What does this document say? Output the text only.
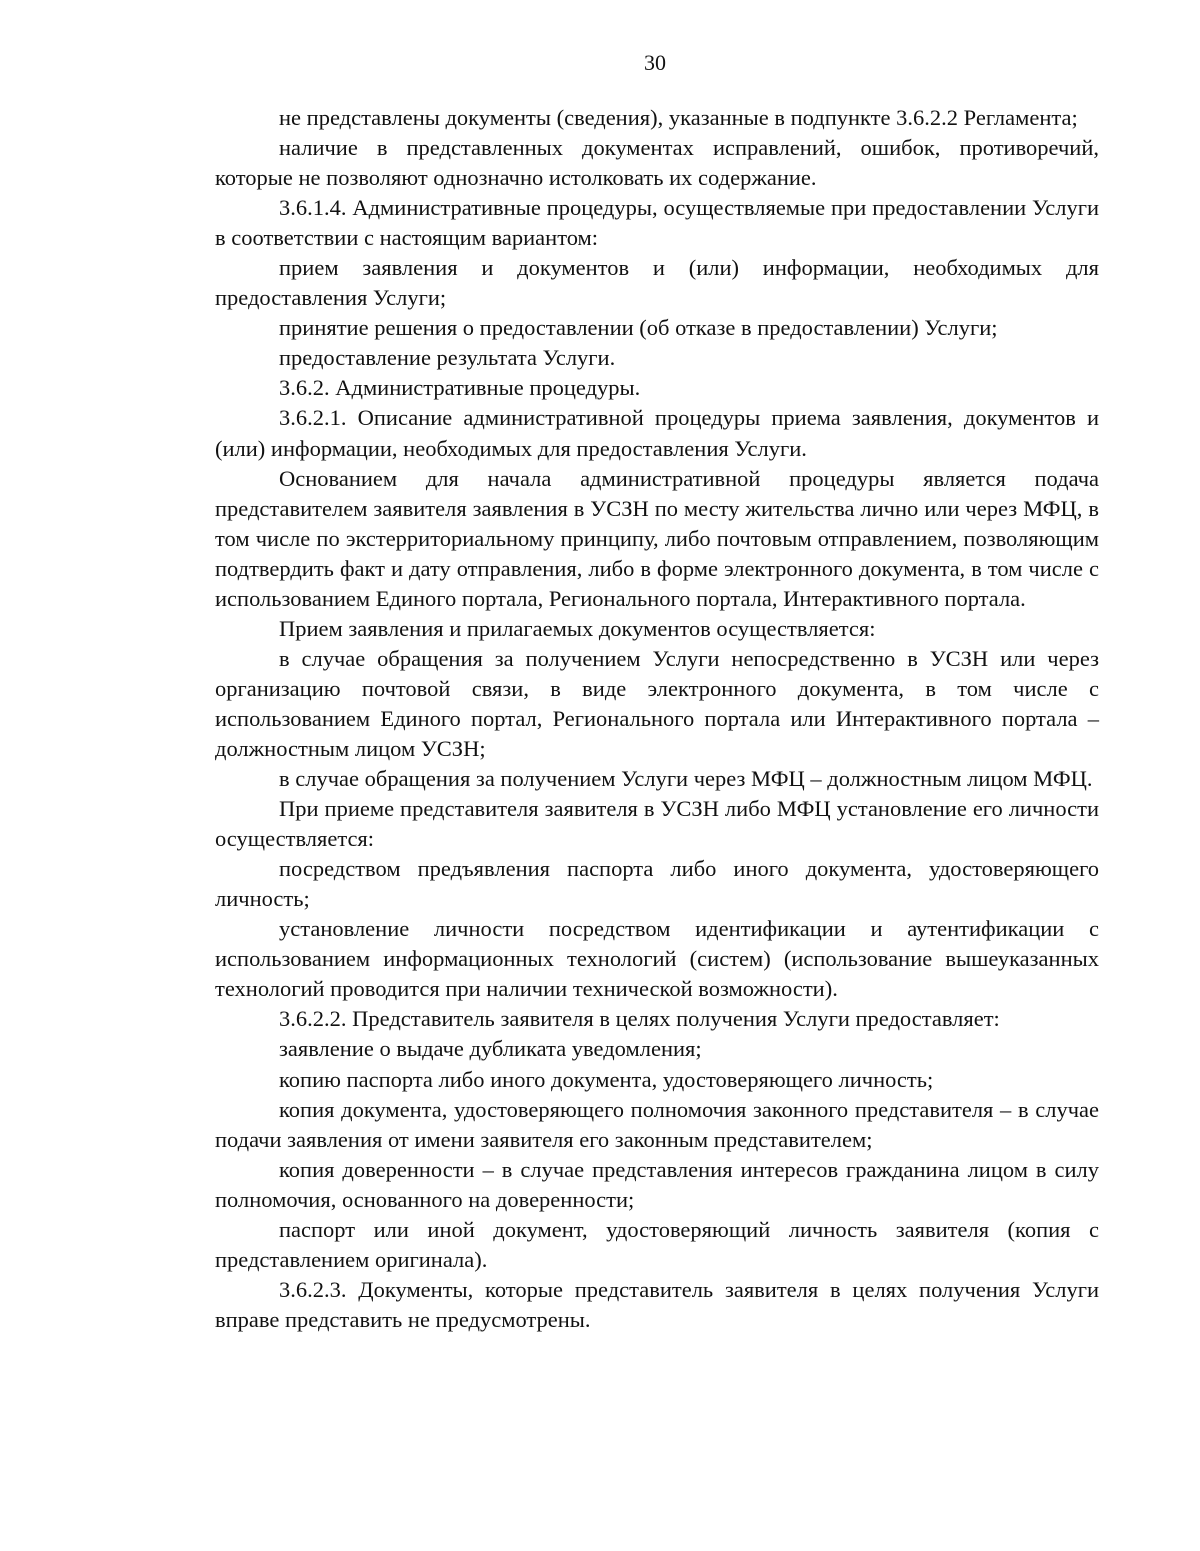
30

не представлены документы (сведения), указанные в подпункте 3.6.2.2 Регламента;

наличие в представленных документах исправлений, ошибок, противоречий, которые не позволяют однозначно истолковать их содержание.

3.6.1.4. Административные процедуры, осуществляемые при предоставлении Услуги в соответствии с настоящим вариантом:

прием заявления и документов и (или) информации, необходимых для предоставления Услуги;

принятие решения о предоставлении (об отказе в предоставлении) Услуги;

предоставление результата Услуги.

3.6.2. Административные процедуры.

3.6.2.1. Описание административной процедуры приема заявления, документов и (или) информации, необходимых для предоставления Услуги.

Основанием для начала административной процедуры является подача представителем заявителя заявления в УСЗН по месту жительства лично или через МФЦ, в том числе по экстерриториальному принципу, либо почтовым отправлением, позволяющим подтвердить факт и дату отправления, либо в форме электронного документа, в том числе с использованием Единого портала, Регионального портала, Интерактивного портала.

Прием заявления и прилагаемых документов осуществляется:

в случае обращения за получением Услуги непосредственно в УСЗН или через организацию почтовой связи, в виде электронного документа, в том числе с использованием Единого портал, Регионального портала или Интерактивного портала – должностным лицом УСЗН;

в случае обращения за получением Услуги через МФЦ – должностным лицом МФЦ.

При приеме представителя заявителя в УСЗН либо МФЦ установление его личности осуществляется:

посредством предъявления паспорта либо иного документа, удостоверяющего личность;

установление личности посредством идентификации и аутентификации с использованием информационных технологий (систем) (использование вышеуказанных технологий проводится при наличии технической возможности).

3.6.2.2. Представитель заявителя в целях получения Услуги предоставляет:

заявление о выдаче дубликата уведомления;

копию паспорта либо иного документа, удостоверяющего личность;

копия документа, удостоверяющего полномочия законного представителя – в случае подачи заявления от имени заявителя его законным представителем;

копия доверенности – в случае представления интересов гражданина лицом в силу полномочия, основанного на доверенности;

паспорт или иной документ, удостоверяющий личность заявителя (копия с представлением оригинала).

3.6.2.3. Документы, которые представитель заявителя в целях получения Услуги вправе представить не предусмотрены.
